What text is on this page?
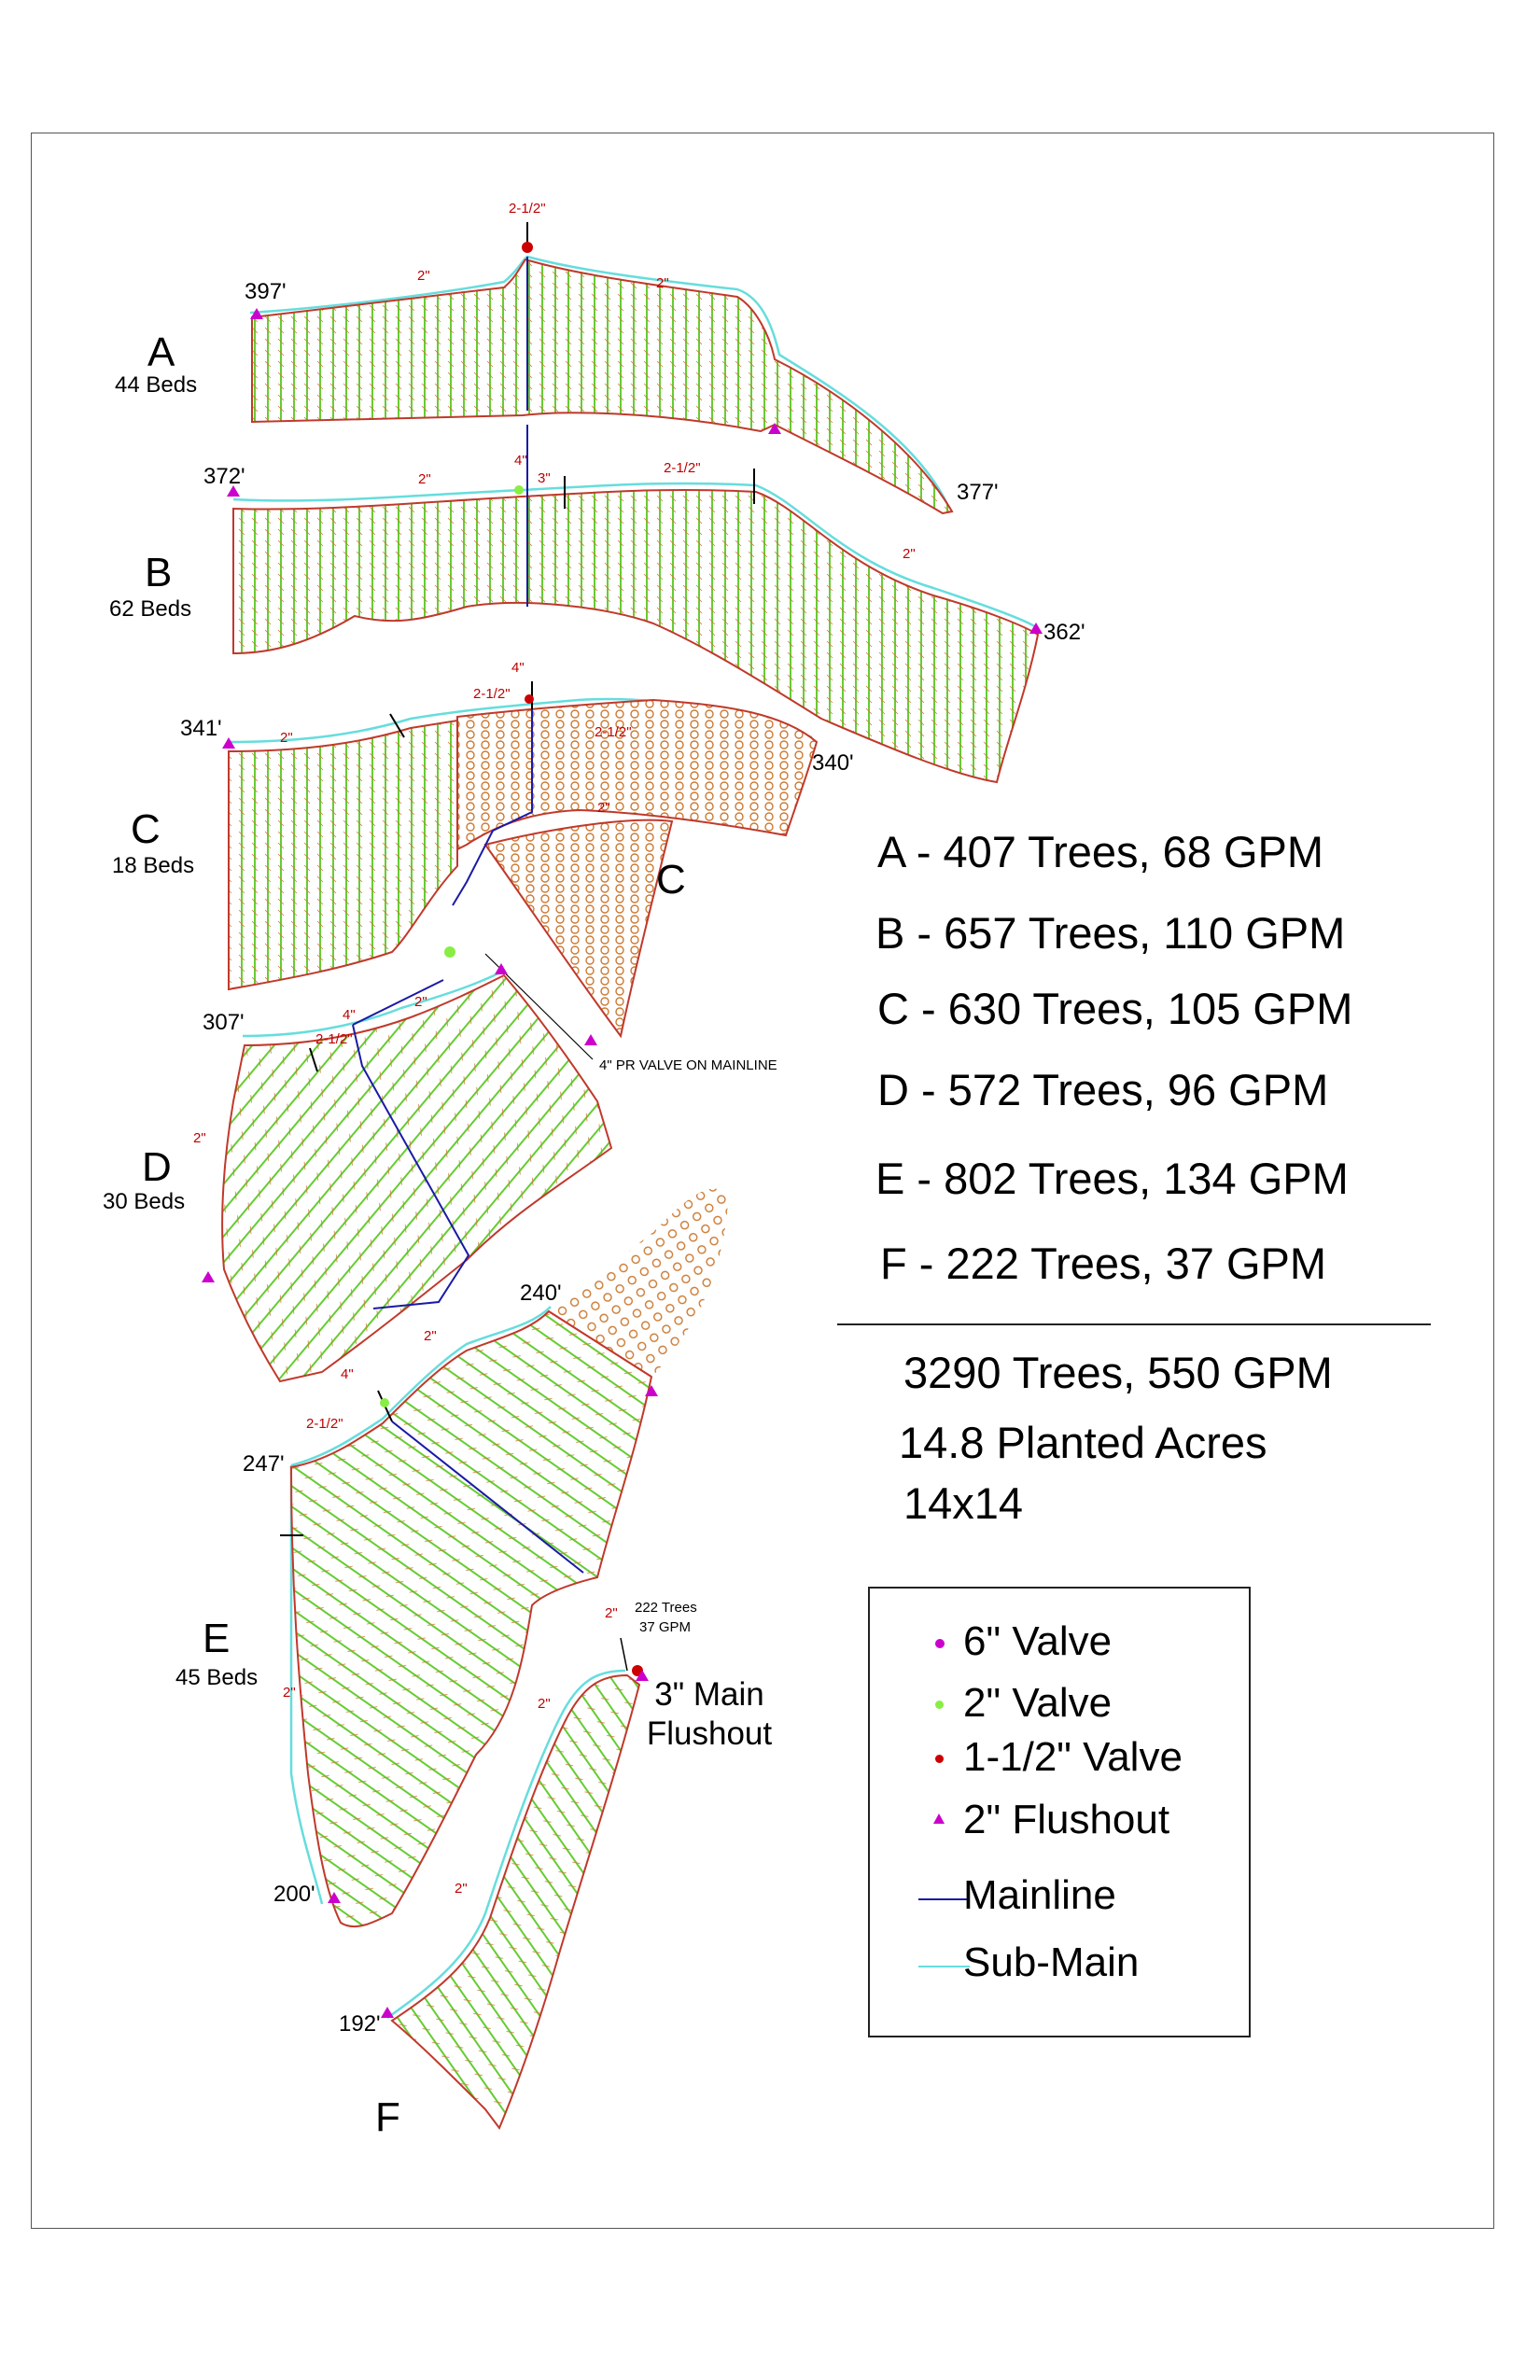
A
44 Beds
B
62 Beds
C
18 Beds	C
D
30 Beds
E
45 Beds
F
397'
377'
372'
362'
341'
340'
307'
240'
247'
200'
192'
2-1/2"
2"	2"
4"
3"
2"
2-1/2"
2"
4"
2-1/2"
2"	2-1/2"
2"
4"
2-1/2"
2"
2"
4"
2-1/2"
2"
2"
2"
2"
2"
4" PR VALVE ON MAINLINE
222 Trees
37 GPM
3" Main
Flushout
A - 407 Trees, 68 GPM
B - 657 Trees, 110 GPM
C - 630 Trees, 105 GPM
D - 572 Trees, 96 GPM
E - 802 Trees, 134 GPM
F - 222 Trees, 37 GPM
3290 Trees, 550 GPM
14.8 Planted Acres
14x14
6" Valve
2" Valve
1-1/2" Valve
2" Flushout
Mainline
Sub-Main
